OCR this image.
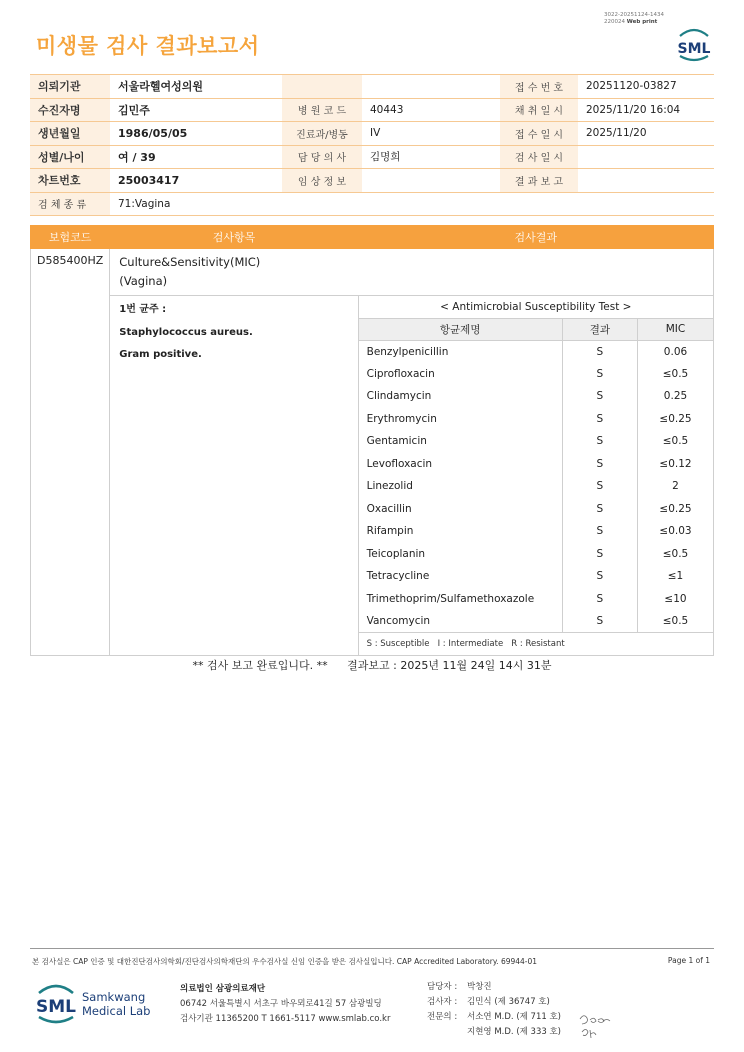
3022-20251124-1434
220024 Web print
미생물 검사 결과보고서	SML
의뢰기관	서울라헬여성의원			접 수 번 호	20251120-03827
수진자명	김민주	병 원 코 드	40443	채 취 일 시	2025/11/20 16:04
생년월일	1986/05/05	진료과/병동	IV	접 수 일 시	2025/11/20
성별/나이	여 / 39	담 당 의 사	김명희	검 사 일 시	
차트번호	25003417	임 상 정 보		결 과 보 고	
검 체 종 류	71:Vagina				
보험코드	검사항목	검사결과
D585400HZ	Culture&Sensitivity(MIC)
(Vagina)

1번 균주 :
Staphylococcus aureus.
Gram positive.

< Antimicrobial Susceptibility Test >
항균제명	결과	MIC
Benzylpenicillin	S	0.06
Ciprofloxacin	S	≤0.5
Clindamycin	S	0.25
Erythromycin	S	≤0.25
Gentamicin	S	≤0.5
Levofloxacin	S	≤0.12
Linezolid	S	2
Oxacillin	S	≤0.25
Rifampin	S	≤0.03
Teicoplanin	S	≤0.5
Tetracycline	S	≤1
Trimethoprim/Sulfamethoxazole	S	≤10
Vancomycin	S	≤0.5
S : Susceptible   I : Intermediate   R : Resistant
** 검사 보고 완료입니다. ** 결과보고 : 2025년 11월 24일 14시 31분
본 검사실은 CAP 인증 및 대한진단검사의학회/진단검사의학재단의 우수검사실 신임 인증을 받은 검사실입니다. CAP Accredited Laboratory. 69944-01	Page 1 of 1
SML Samkwang
Medical Lab
의료법인 삼광의료재단
06742 서울특별시 서초구 바우뫼로41길 57 삼광빌딩
검사기관 11365200 T 1661-5117 www.smlab.co.kr
담당자 :	박창진
검사자 :	김민식 (제 36747 호)
전문의 :	서소연 M.D. (제 711 호)
지현영 M.D. (제 333 호)
